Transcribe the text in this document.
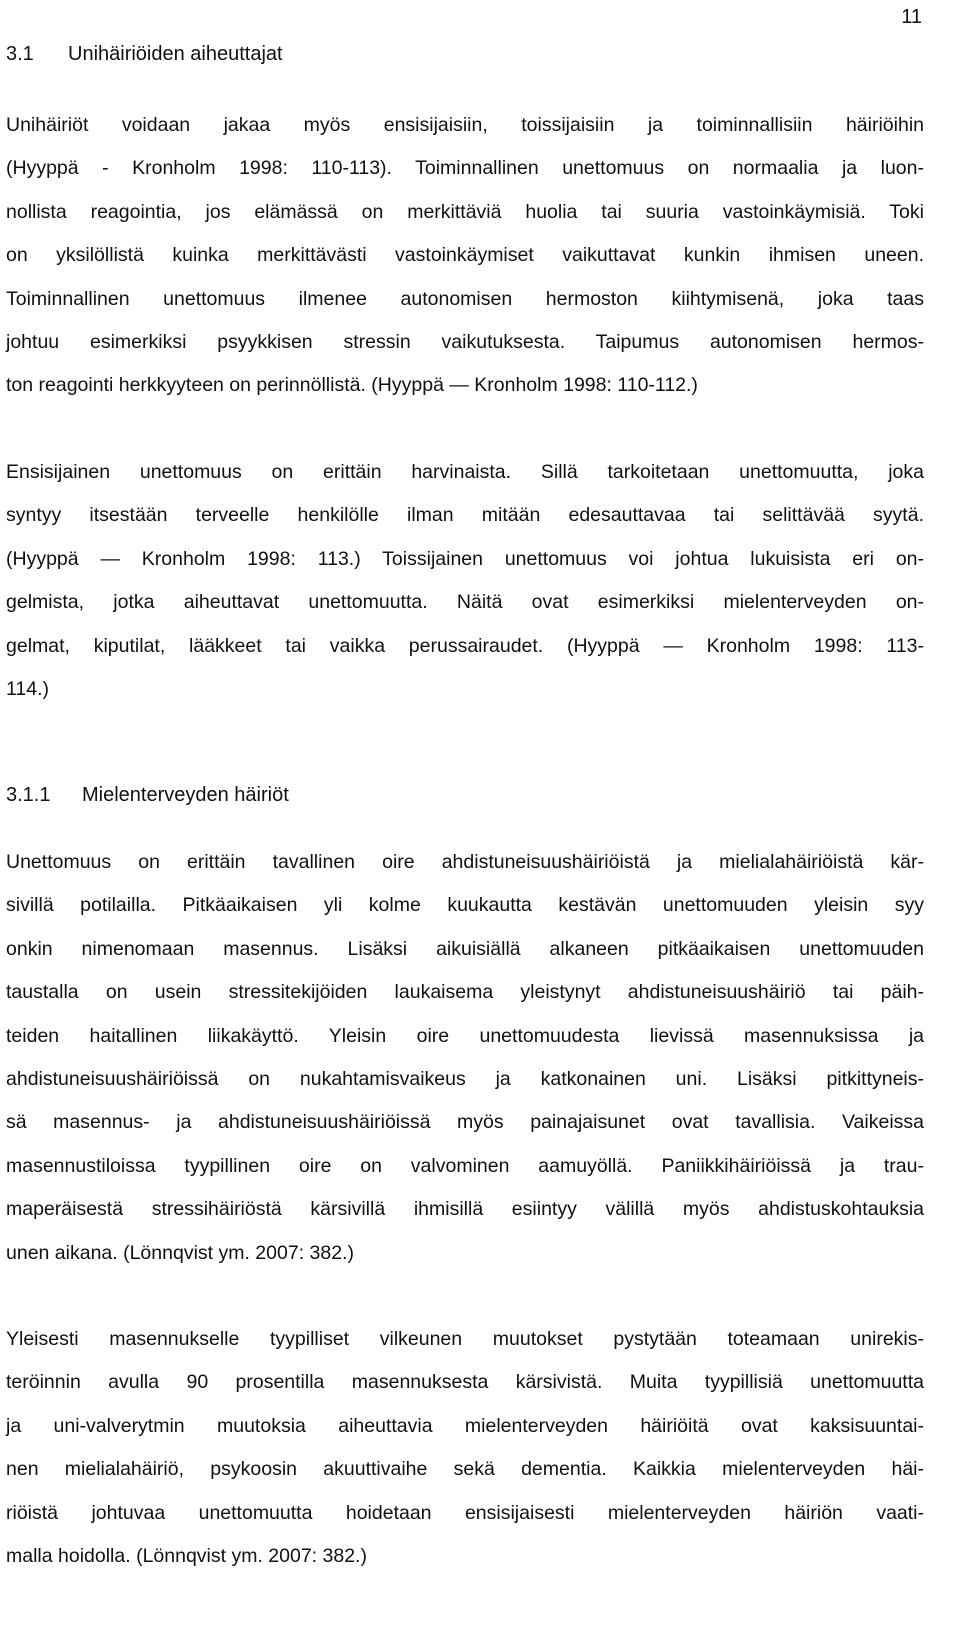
11
3.1 Unihäiriöiden aiheuttajat
Unihäiriöt voidaan jakaa myös ensisijaisiin, toissijaisiin ja toiminnallisiin häiriöihin
(Hyyppä - Kronholm 1998: 110-113). Toiminnallinen unettomuus on normaalia ja luon-
nollista reagointia, jos elämässä on merkittäviä huolia tai suuria vastoinkäymisiä. Toki
on yksilöllistä kuinka merkittävästi vastoinkäymiset vaikuttavat kunkin ihmisen uneen.
Toiminnallinen unettomuus ilmenee autonomisen hermoston kiihtymisenä, joka taas
johtuu esimerkiksi psyykkisen stressin vaikutuksesta. Taipumus autonomisen hermos-
ton reagointi herkkyyteen on perinnöllistä. (Hyyppä — Kronholm 1998: 110-112.)
Ensisijainen unettomuus on erittäin harvinaista. Sillä tarkoitetaan unettomuutta, joka
syntyy itsestään terveelle henkilölle ilman mitään edesauttavaa tai selittävää syytä.
(Hyyppä — Kronholm 1998: 113.) Toissijainen unettomuus voi johtua lukuisista eri on-
gelmista, jotka aiheuttavat unettomuutta. Näitä ovat esimerkiksi mielenterveyden on-
gelmat, kiputilat, lääkkeet tai vaikka perussairaudet. (Hyyppä — Kronholm 1998: 113-
114.)
3.1.1 Mielenterveyden häiriöt
Unettomuus on erittäin tavallinen oire ahdistuneisuushäiriöistä ja mielialahäiriöistä kär-
sivillä potilailla. Pitkäaikaisen yli kolme kuukautta kestävän unettomuuden yleisin syy
onkin nimenomaan masennus. Lisäksi aikuisiällä alkaneen pitkäaikaisen unettomuuden
taustalla on usein stressitekijöiden laukaisema yleistynyt ahdistuneisuushäiriö tai päih-
teiden haitallinen liikakäyttö. Yleisin oire unettomuudesta lievissä masennuksissa ja
ahdistuneisuushäiriöissä on nukahtamisvaikeus ja katkonainen uni. Lisäksi pitkittyneis-
sä masennus- ja ahdistuneisuushäiriöissä myös painajaisunet ovat tavallisia. Vaikeissa
masennustiloissa tyypillinen oire on valvominen aamuyöllä. Paniikkihäiriöissä ja trau-
maperäisestä stressihäiriöstä kärsivillä ihmisillä esiintyy välillä myös ahdistuskohtauksia
unen aikana. (Lönnqvist ym. 2007: 382.)
Yleisesti masennukselle tyypilliset vilkeunen muutokset pystytään toteamaan unirekis-
teröinnin avulla 90 prosentilla masennuksesta kärsivistä. Muita tyypillisiä unettomuutta
ja uni-valverytmin muutoksia aiheuttavia mielenterveyden häiriöitä ovat kaksisuuntai-
nen mielialahäiriö, psykoosin akuuttivaihe sekä dementia. Kaikkia mielenterveyden häi-
riöistä johtuvaa unettomuutta hoidetaan ensisijaisesti mielenterveyden häiriön vaati-
malla hoidolla. (Lönnqvist ym. 2007: 382.)
